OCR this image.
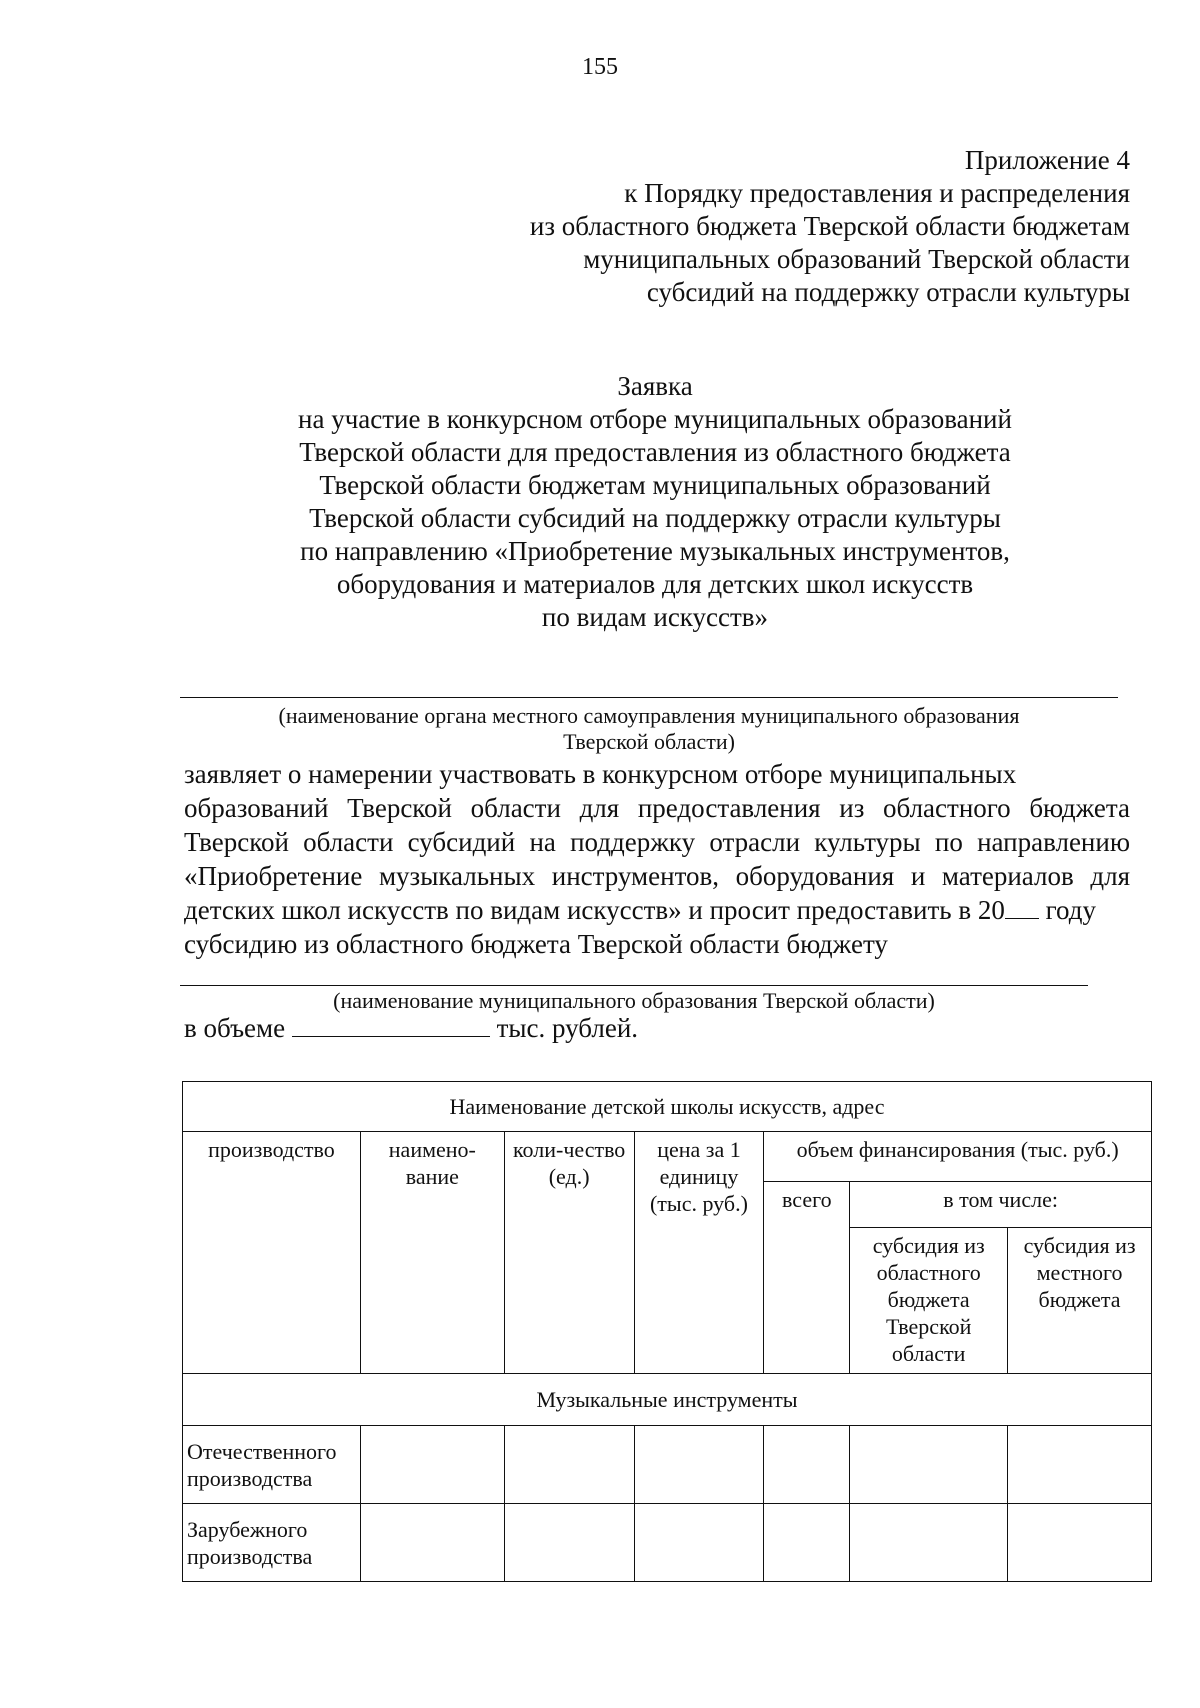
155
Приложение 4
к Порядку предоставления и распределения
из областного бюджета Тверской области бюджетам
муниципальных образований Тверской области
субсидий на поддержку отрасли культуры
Заявка
на участие в конкурсном отборе муниципальных образований
Тверской области для предоставления из областного бюджета
Тверской области бюджетам муниципальных образований
Тверской области субсидий на поддержку отрасли культуры
по направлению «Приобретение музыкальных инструментов,
оборудования и материалов для детских школ искусств
по видам искусств»
(наименование органа местного самоуправления муниципального образования
Тверской области)
заявляет о намерении участвовать в конкурсном отборе муниципальных
образований Тверской области для предоставления из областного бюджета
Тверской области субсидий на поддержку отрасли культуры по направлению
«Приобретение музыкальных инструментов, оборудования и материалов для
детских школ искусств по видам искусств» и просит предоставить в 20 году
субсидию из областного бюджета Тверской области бюджету
(наименование муниципального образования Тверской области)
в объеме	тыс. рублей.
Наименование детской школы искусств, адрес						
производство	наимено-вание	коли-чество (ед.)	цена за 1 единицу (тыс. руб.)	объем финансирования (тыс. руб.)		
				всего	в том числе:	
					субсидия из областного бюджета Тверской области	субсидия из местного бюджета
Музыкальные инструменты						
Отечественного производства						
Зарубежного производства						
